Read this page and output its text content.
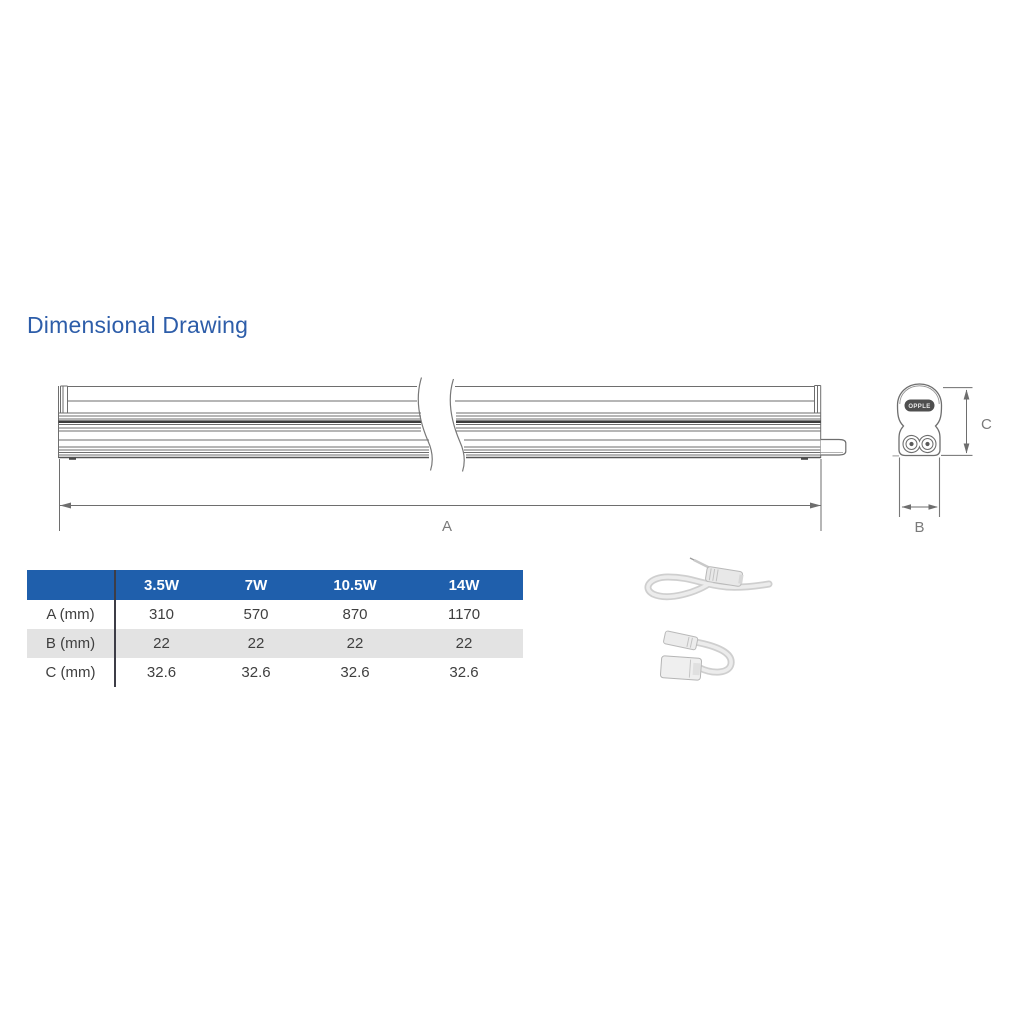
Dimensional Drawing
A
OPPLE
C
B
	3.5W	7W	10.5W	14W
A (mm)	310	570	870	1170
B (mm)	22	22	22	22
C (mm)	32.6	32.6	32.6	32.6
